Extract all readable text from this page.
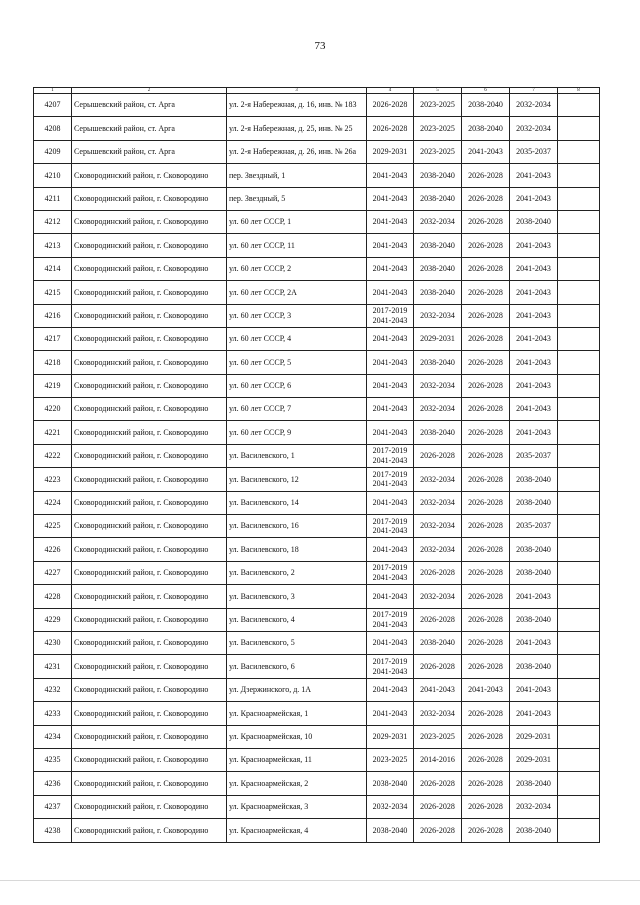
73
1	2	3	4	5	6	7	8
4207	Серышевский район, ст. Арга	ул. 2-я Набережная, д. 16, инв. № 183	2026-2028	2023-2025	2038-2040	2032-2034	
4208	Серышевский район, ст. Арга	ул. 2-я Набережная, д. 25, инв. № 25	2026-2028	2023-2025	2038-2040	2032-2034	
4209	Серышевский район, ст. Арга	ул. 2-я Набережная, д. 26, инв. № 26а	2029-2031	2023-2025	2041-2043	2035-2037	
4210	Сковородинский район, г. Сковородино	пер. Звездный, 1	2041-2043	2038-2040	2026-2028	2041-2043	
4211	Сковородинский район, г. Сковородино	пер. Звездный, 5	2041-2043	2038-2040	2026-2028	2041-2043	
4212	Сковородинский район, г. Сковородино	ул. 60 лет СССР, 1	2041-2043	2032-2034	2026-2028	2038-2040	
4213	Сковородинский район, г. Сковородино	ул. 60 лет СССР, 11	2041-2043	2038-2040	2026-2028	2041-2043	
4214	Сковородинский район, г. Сковородино	ул. 60 лет СССР, 2	2041-2043	2038-2040	2026-2028	2041-2043	
4215	Сковородинский район, г. Сковородино	ул. 60 лет СССР, 2А	2041-2043	2038-2040	2026-2028	2041-2043	
4216	Сковородинский район, г. Сковородино	ул. 60 лет СССР, 3	2017-2019 2041-2043	2032-2034	2026-2028	2041-2043	
4217	Сковородинский район, г. Сковородино	ул. 60 лет СССР, 4	2041-2043	2029-2031	2026-2028	2041-2043	
4218	Сковородинский район, г. Сковородино	ул. 60 лет СССР, 5	2041-2043	2038-2040	2026-2028	2041-2043	
4219	Сковородинский район, г. Сковородино	ул. 60 лет СССР, 6	2041-2043	2032-2034	2026-2028	2041-2043	
4220	Сковородинский район, г. Сковородино	ул. 60 лет СССР, 7	2041-2043	2032-2034	2026-2028	2041-2043	
4221	Сковородинский район, г. Сковородино	ул. 60 лет СССР, 9	2041-2043	2038-2040	2026-2028	2041-2043	
4222	Сковородинский район, г. Сковородино	ул. Василевского, 1	2017-2019 2041-2043	2026-2028	2026-2028	2035-2037	
4223	Сковородинский район, г. Сковородино	ул. Василевского, 12	2017-2019 2041-2043	2032-2034	2026-2028	2038-2040	
4224	Сковородинский район, г. Сковородино	ул. Василевского, 14	2041-2043	2032-2034	2026-2028	2038-2040	
4225	Сковородинский район, г. Сковородино	ул. Василевского, 16	2017-2019 2041-2043	2032-2034	2026-2028	2035-2037	
4226	Сковородинский район, г. Сковородино	ул. Василевского, 18	2041-2043	2032-2034	2026-2028	2038-2040	
4227	Сковородинский район, г. Сковородино	ул. Василевского, 2	2017-2019 2041-2043	2026-2028	2026-2028	2038-2040	
4228	Сковородинский район, г. Сковородино	ул. Василевского, 3	2041-2043	2032-2034	2026-2028	2041-2043	
4229	Сковородинский район, г. Сковородино	ул. Василевского, 4	2017-2019 2041-2043	2026-2028	2026-2028	2038-2040	
4230	Сковородинский район, г. Сковородино	ул. Василевского, 5	2041-2043	2038-2040	2026-2028	2041-2043	
4231	Сковородинский район, г. Сковородино	ул. Василевского, 6	2017-2019 2041-2043	2026-2028	2026-2028	2038-2040	
4232	Сковородинский район, г. Сковородино	ул. Дзержинского, д. 1А	2041-2043	2041-2043	2041-2043	2041-2043	
4233	Сковородинский район, г. Сковородино	ул. Красноармейская, 1	2041-2043	2032-2034	2026-2028	2041-2043	
4234	Сковородинский район, г. Сковородино	ул. Красноармейская, 10	2029-2031	2023-2025	2026-2028	2029-2031	
4235	Сковородинский район, г. Сковородино	ул. Красноармейская, 11	2023-2025	2014-2016	2026-2028	2029-2031	
4236	Сковородинский район, г. Сковородино	ул. Красноармейская, 2	2038-2040	2026-2028	2026-2028	2038-2040	
4237	Сковородинский район, г. Сковородино	ул. Красноармейская, 3	2032-2034	2026-2028	2026-2028	2032-2034	
4238	Сковородинский район, г. Сковородино	ул. Красноармейская, 4	2038-2040	2026-2028	2026-2028	2038-2040	
